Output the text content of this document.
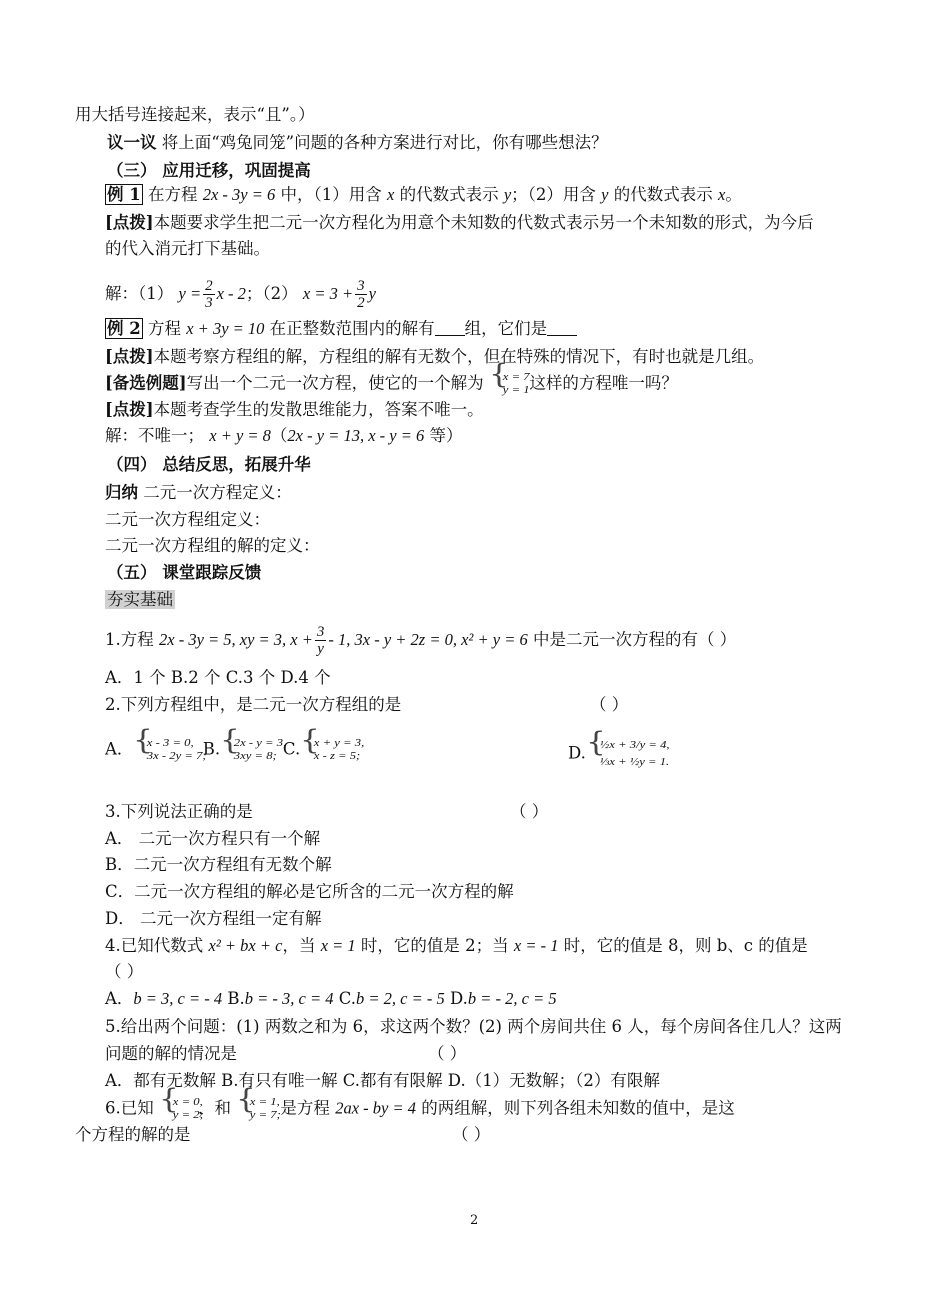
用大括号连接起来，表示“且”。）
议一议 将上面“鸡兔同笼”问题的各种方案进行对比，你有哪些想法？
（三） 应用迁移，巩固提高
例 1 在方程 2x - 3y = 6 中，（1）用含 x 的代数式表示 y；（2）用含 y 的代数式表示 x。
[点拨]本题要求学生把二元一次方程化为用意个未知数的代数式表示另一个未知数的形式，为今后
的代入消元打下基础。
解：（1） $y = \frac{2}{3}$ x - 2；（2） $x = 3 + \frac{3}{2}$ y
例 2 方程 x + 3y = 10 在正整数范围内的解有 组，它们是
[点拨]本题考察方程组的解，方程组的解有无数个，但在特殊的情况下，有时也就是几组。
[备选例题]写出一个二元一次方程，使它的一个解为 { x = 7
y = 1
这样的方程唯一吗？
[点拨]本题考查学生的发散思维能力，答案不唯一。
解：不唯一； x + y = 8（2x - y = 13, x - y = 6 等）
（四） 总结反思，拓展升华
归纳 二元一次方程定义：
二元一次方程组定义：
二元一次方程组的解的定义：
（五） 课堂跟踪反馈
夯实基础
1.方程 2x - 3y = 5, xy = 3, $x + \frac{3}{y} - 1$, 3x - y + 2z = 0, x² + y = 6 中是二元一次方程的有（ ）
A．1 个 B.2 个 C.3 个 D.4 个
2.下列方程组中，是二元一次方程组的是	（ ）
A． { x - 3 = 0,
3x - 2y = 7;
B. { 2x - y = 3,
3xy = 8; C. { x + y = 3,
x - z = 5;	D. { ½x + 3/y = 4,
⅓x + ½y = 1.
3.下列说法正确的是	（ ）
A． 二元一次方程只有一个解
B．二元一次方程组有无数个解
C．二元一次方程组的解必是它所含的二元一次方程的解
D． 二元一次方程组一定有解
4.已知代数式 x² + bx + c，当 x = 1 时，它的值是 2；当 x = - 1 时，它的值是 8，则 b、c 的值是
（ ）
A．b = 3, c = - 4 B.b = - 3, c = 4 C.b = 2, c = - 5 D.b = - 2, c = 5
5.给出两个问题：(1) 两数之和为 6，求这两个数？(2) 两个房间共住 6 人，每个房间各住几人？这两
问题的解的情况是	（ ）
A．都有无数解 B.有只有唯一解 C.都有有限解 D.（1）无数解；（2）有限解
6.已知 { x = 0,
y = 2;
，和 { x = 1,
y = 7;
是方程 2ax - by = 4 的两组解，则下列各组未知数的值中，是这
个方程的解的是	（ ）
2
